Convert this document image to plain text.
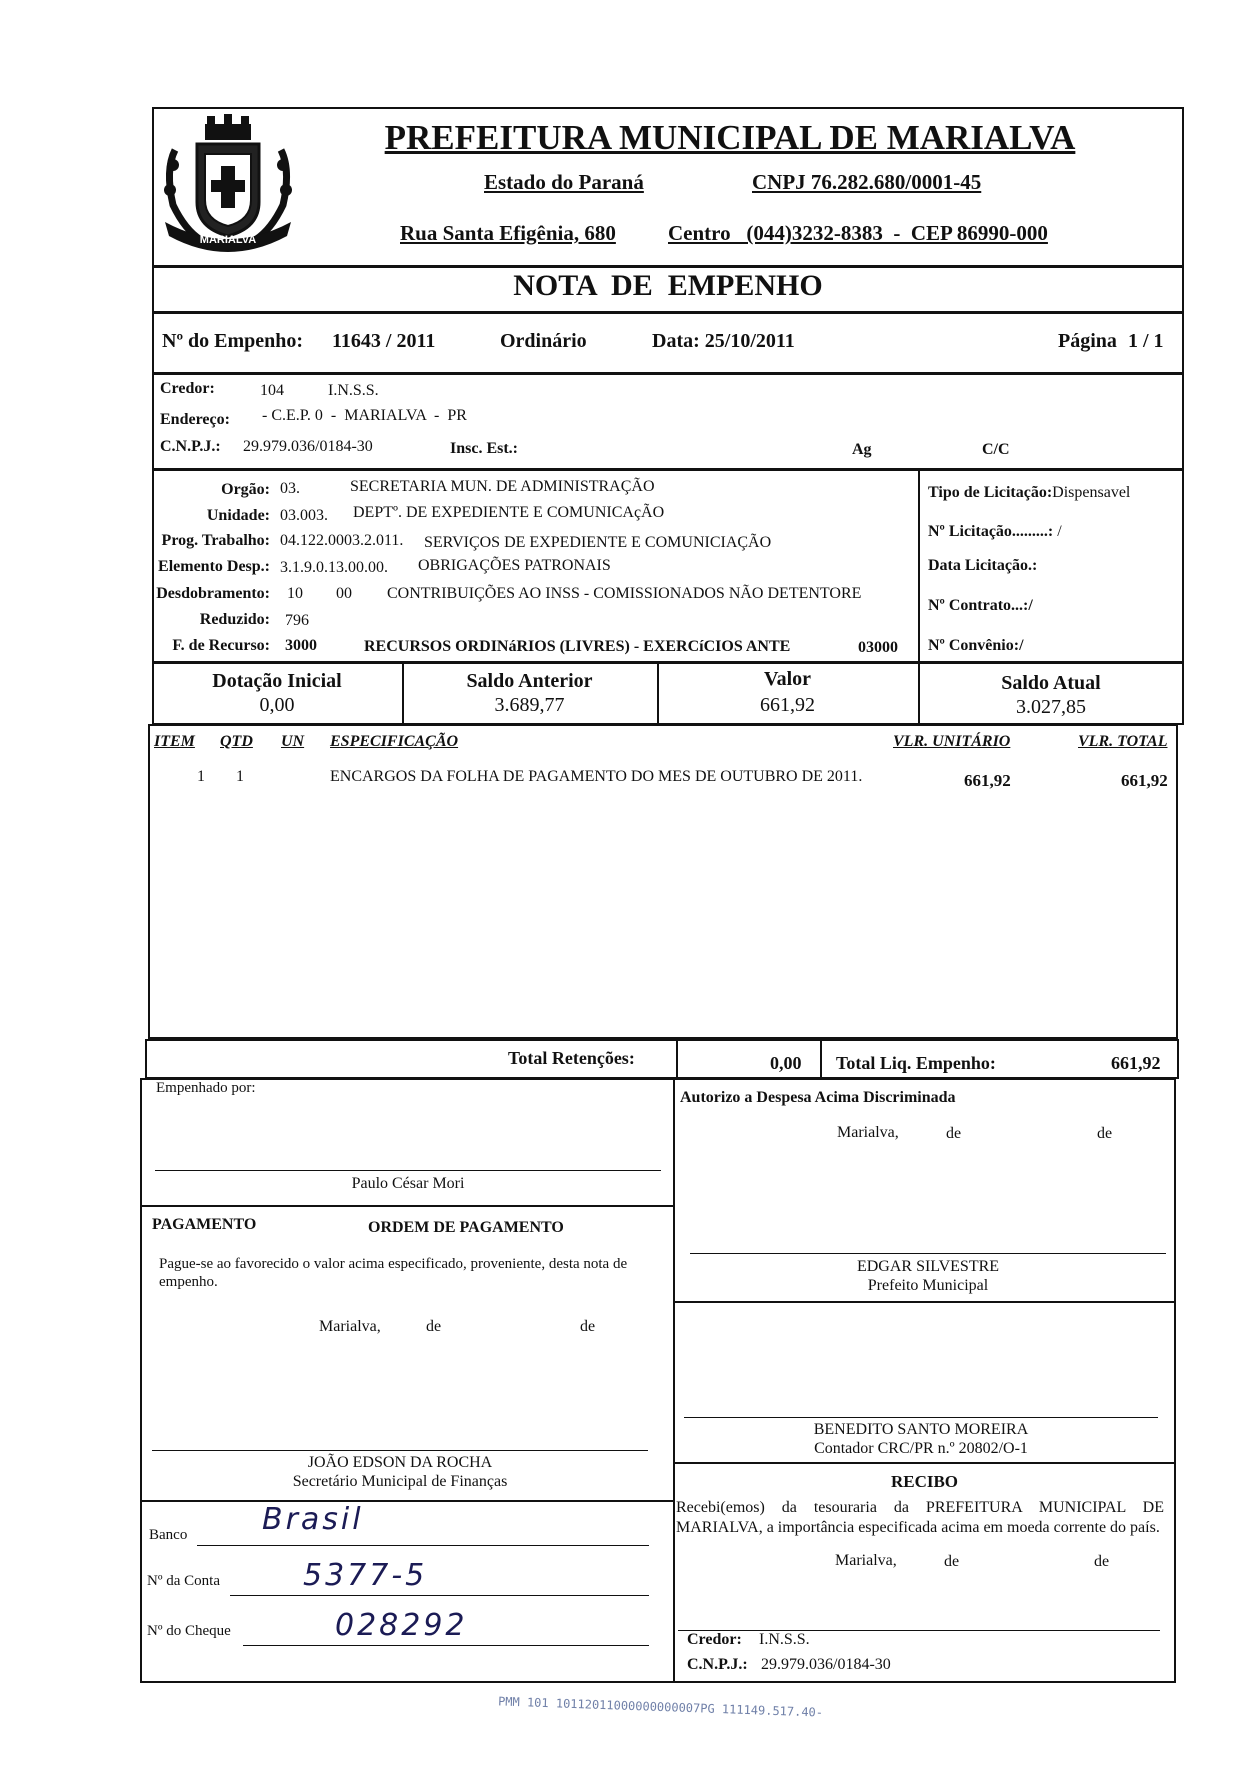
MARIALVA
PREFEITURA MUNICIPAL DE MARIALVA
Estado do Paraná	CNPJ 76.282.680/0001-45
Rua Santa Efigênia, 680 Centro   (044)3232-8383  -  CEP 86990-000
NOTA  DE  EMPENHO
Nº do Empenho: 11643 / 2011	Ordinário	Data: 25/10/2011	Página 1 / 1
Credor:	104	I.N.S.S.
Endereço: - C.E.P. 0  -  MARIALVA  -  PR
C.N.P.J.: 29.979.036/0184-30	Insc. Est.:	Ag	C/C
Orgão: 03.	SECRETARIA MUN. DE ADMINISTRAÇÃO
Unidade: 03.003. DEPTº. DE EXPEDIENTE E COMUNICAçÃO
Prog. Trabalho: 04.122.0003.2.011. SERVIÇOS DE EXPEDIENTE E COMUNICIAÇÃO
Elemento Desp.: 3.1.9.0.13.00.00. OBRIGAÇÕES PATRONAIS
Desdobramento: 10 00 CONTRIBUIÇÕES AO INSS - COMISSIONADOS NÃO DETENTORE
Reduzido: 796
F. de Recurso: 3000	RECURSOS ORDINáRIOS (LIVRES) - EXERCíCIOS ANTE	03000
Tipo de Licitação:Dispensavel
Nº Licitação.........: /
Data Licitação.:
Nº Contrato...:/
Nº Convênio:/
Dotação Inicial
0,00
Saldo Anterior
3.689,77
Valor
661,92
Saldo Atual
3.027,85
ITEM QTD UN ESPECIFICAÇÃO	VLR. UNITÁRIO	VLR. TOTAL
1 1	ENCARGOS DA FOLHA DE PAGAMENTO DO MES DE OUTUBRO DE 2011.	661,92	661,92
Total Retenções:	0,00 Total Liq. Empenho:	661,92
Empenhado por:
Paulo César Mori
Autorizo a Despesa Acima Discriminada
Marialva,	de	de
EDGAR SILVESTRE
Prefeito Municipal
PAGAMENTO	ORDEM DE PAGAMENTO
Pague-se ao favorecido o valor acima especificado, proveniente, desta nota de empenho.
Marialva,	de	de
JOÃO EDSON DA ROCHA
Secretário Municipal de Finanças
BENEDITO SANTO MOREIRA
Contador CRC/PR n.º 20802/O-1
Banco Brasil
Nº da Conta	5377-5
Nº do Cheque	028292
RECIBO
Recebi(emos) da tesouraria da PREFEITURA MUNICIPAL DE MARIALVA, a importância especificada acima em moeda corrente do país.
Marialva,	de	de
Credor: I.N.S.S.
C.N.P.J.: 29.979.036/0184-30
PMM 101 10112011000000000007PG 111149.517.40-
